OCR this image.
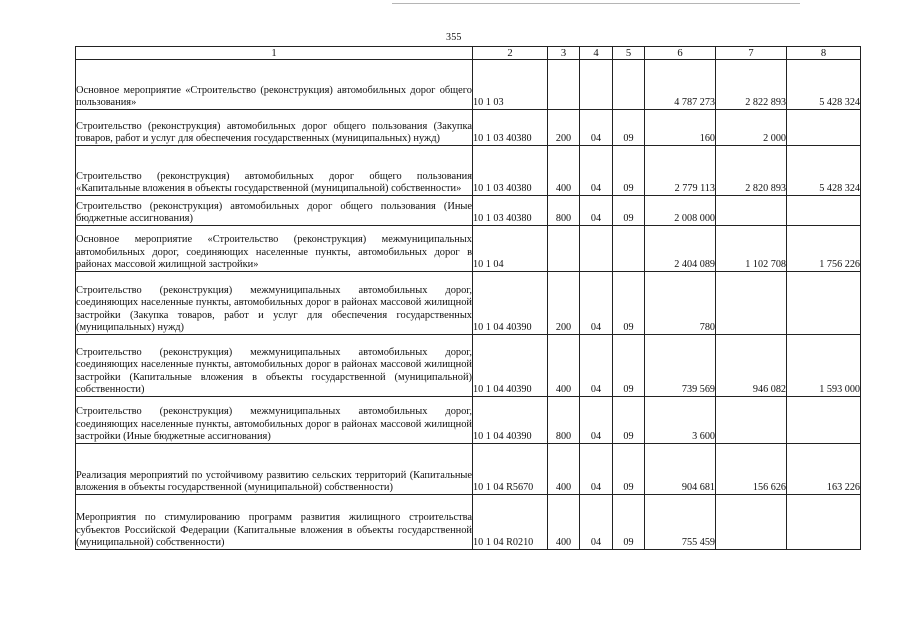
355
1	2	3	4	5	6	7	8
Основное мероприятие «Строительство (реконструкция) автомобильных дорог общего пользования»	10 1 03				4 787 273	2 822 893	5 428 324
Строительство (реконструкция) автомобильных дорог общего пользования (Закупка товаров, работ и услуг для обеспечения государственных (муниципальных) нужд)	10 1 03 40380	200	04	09	160	2 000	
Строительство (реконструкция) автомобильных дорог общего пользования «Капитальные вложения в объекты государственной (муниципальной) собственности»	10 1 03 40380	400	04	09	2 779 113	2 820 893	5 428 324
Строительство (реконструкция) автомобильных дорог общего пользования (Иные бюджетные ассигнования)	10 1 03 40380	800	04	09	2 008 000		
Основное мероприятие «Строительство (реконструкция) межмуниципальных автомобильных дорог, соединяющих населенные пункты, автомобильных дорог в районах массовой жилищной застройки»	10 1 04				2 404 089	1 102 708	1 756 226
Строительство (реконструкция) межмуниципальных автомобильных дорог, соединяющих населенные пункты, автомобильных дорог в районах массовой жилищной застройки (Закупка товаров, работ и услуг для обеспечения государственных (муниципальных) нужд)	10 1 04 40390	200	04	09	780		
Строительство (реконструкция) межмуниципальных автомобильных дорог, соединяющих населенные пункты, автомобильных дорог в районах массовой жилищной застройки (Капитальные вложения в объекты государственной (муниципальной) собственности)	10 1 04 40390	400	04	09	739 569	946 082	1 593 000
Строительство (реконструкция) межмуниципальных автомобильных дорог, соединяющих населенные пункты, автомобильных дорог в районах массовой жилищной застройки (Иные бюджетные ассигнования)	10 1 04 40390	800	04	09	3 600		
Реализация мероприятий по устойчивому развитию сельских территорий (Капитальные вложения в объекты государственной (муниципальной) собственности)	10 1 04 R5670	400	04	09	904 681	156 626	163 226
Мероприятия по стимулированию программ развития жилищного строительства субъектов Российской Федерации (Капитальные вложения в объекты государственной (муниципальной) собственности)	10 1 04 R0210	400	04	09	755 459		
